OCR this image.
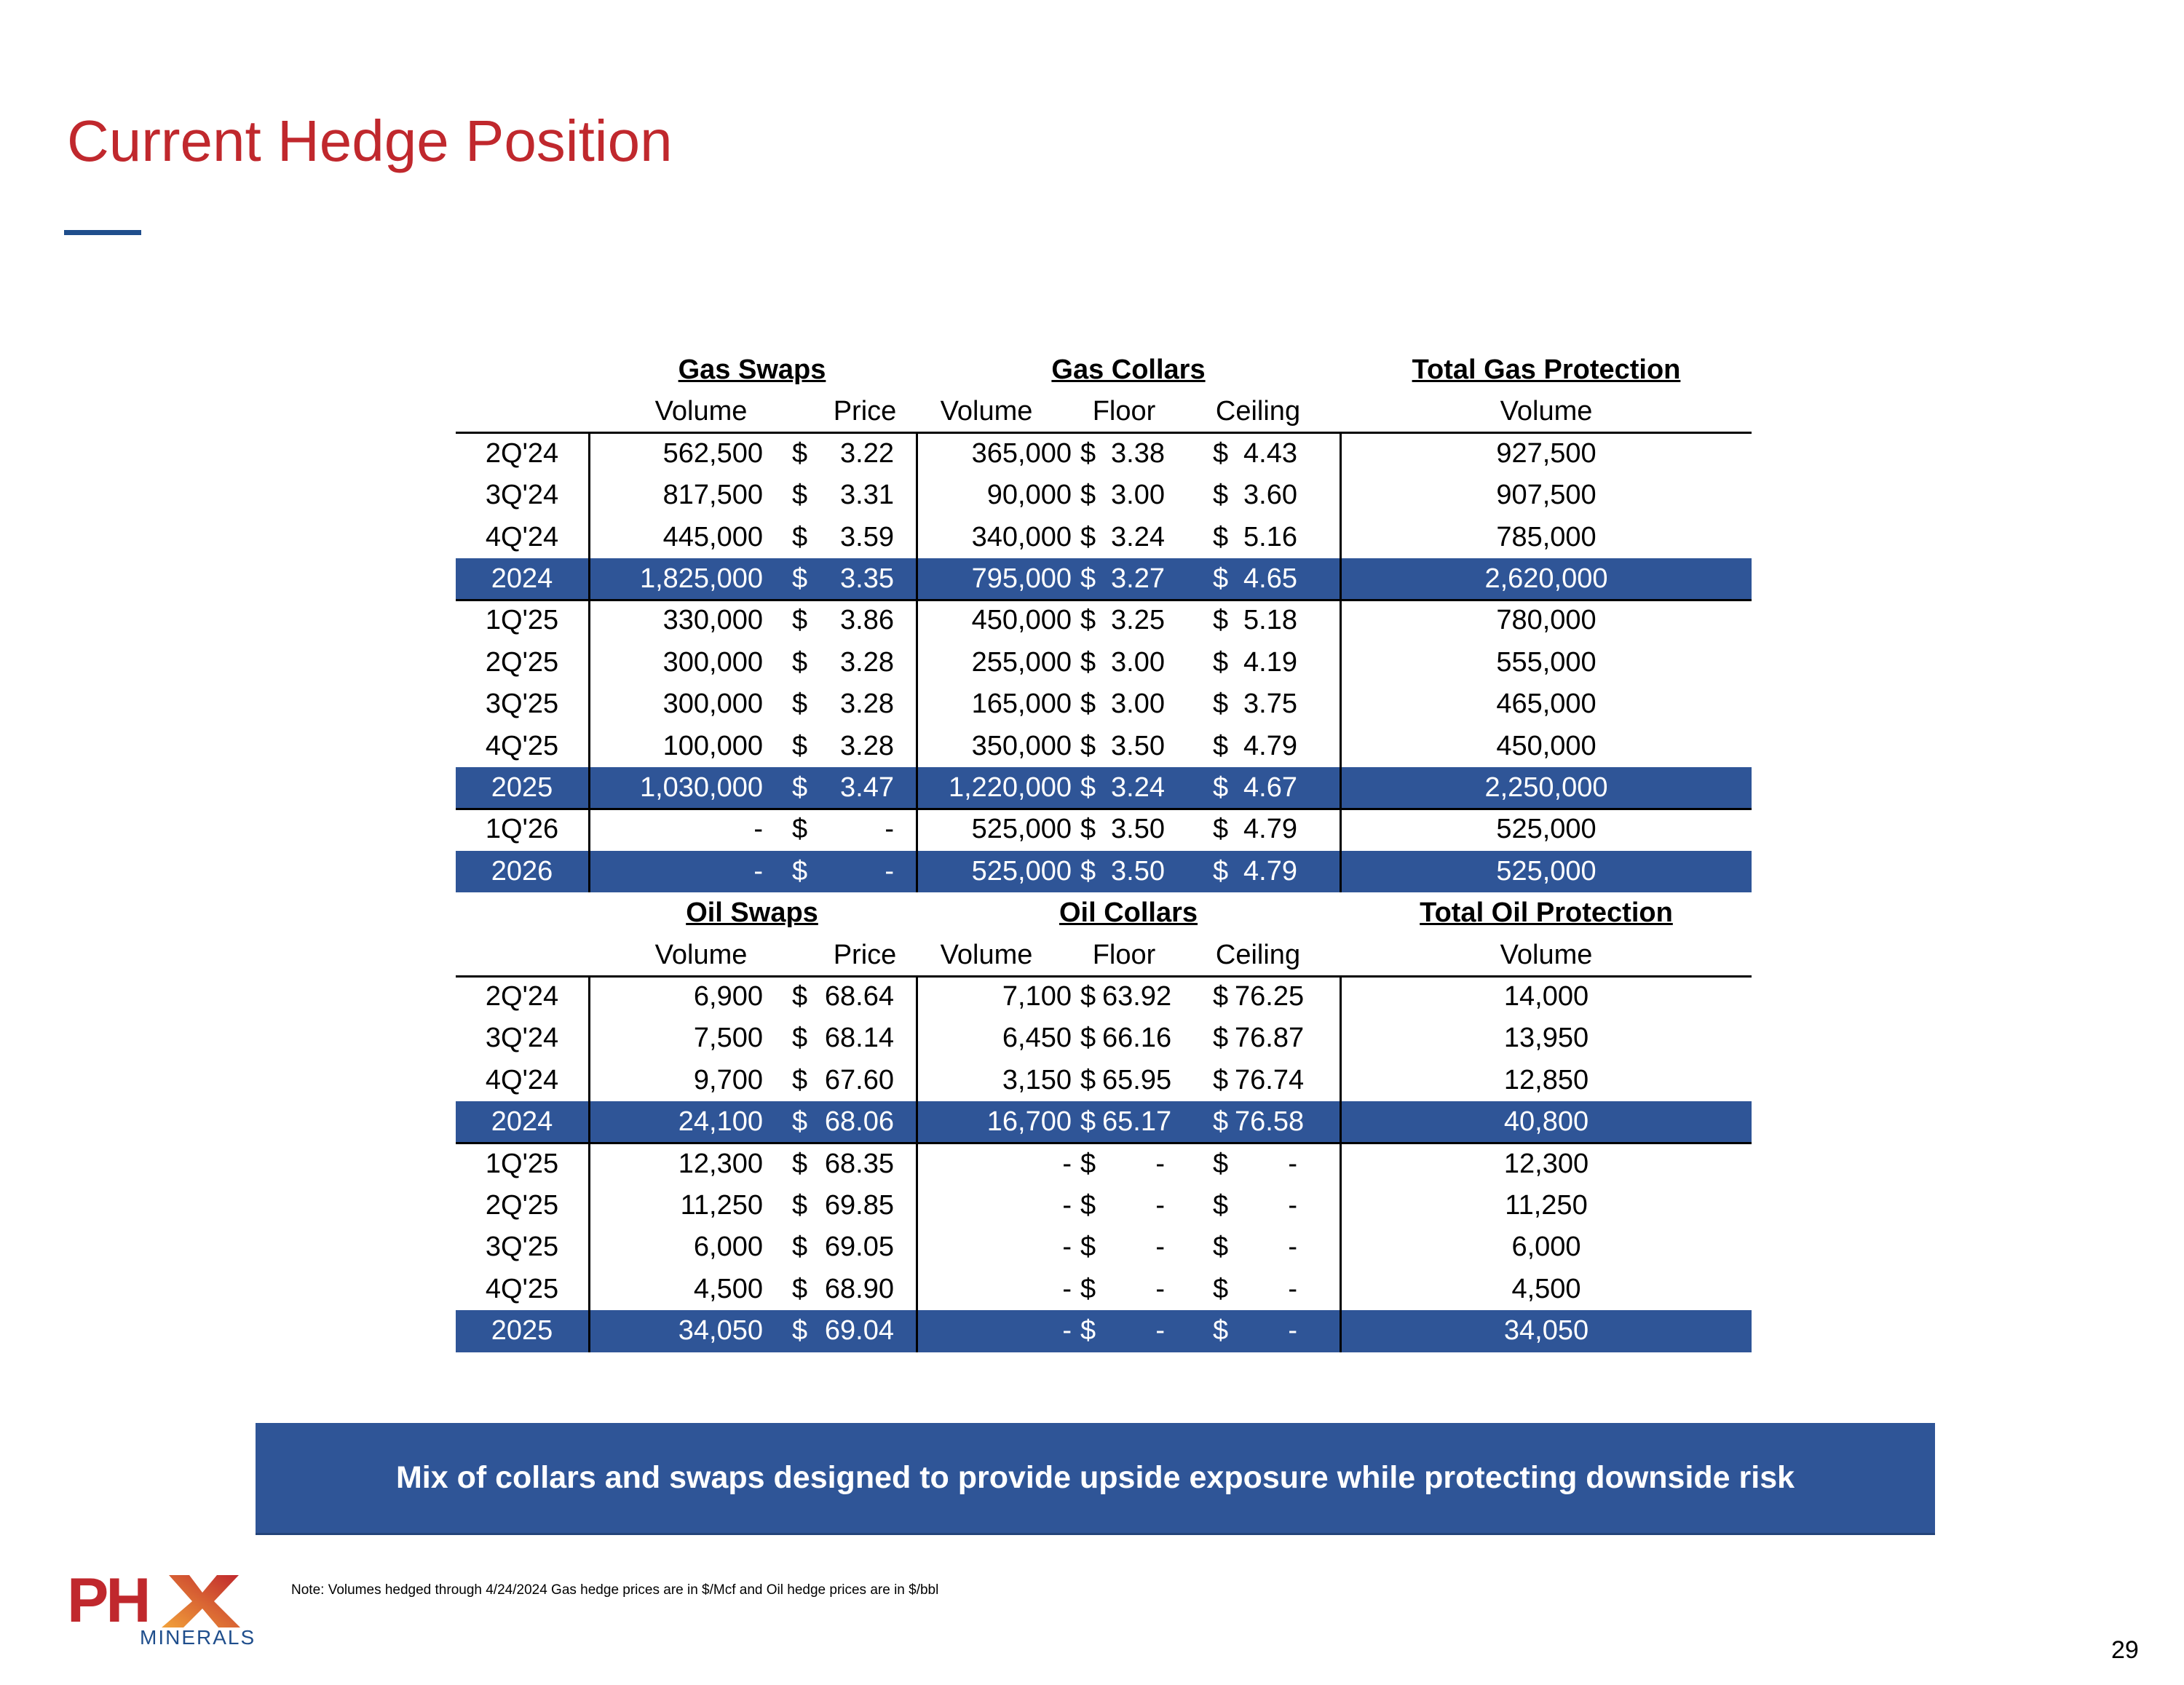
Current Hedge Position
Gas Swaps	Gas Collars	Total Gas Protection
Volume	Price	Volume	Floor	Ceiling	Volume
2Q'24	562,500 $	3.22	365,000 $ 3.38 $ 4.43	927,500
3Q'24	817,500 $	3.31	90,000 $ 3.00 $ 3.60	907,500
4Q'24	445,000 $	3.59	340,000 $ 3.24 $ 5.16	785,000
2024	1,825,000 $	3.35	795,000 $ 3.27 $ 4.65	2,620,000
1Q'25	330,000 $	3.86	450,000 $ 3.25 $ 5.18	780,000
2Q'25	300,000 $	3.28	255,000 $ 3.00 $ 4.19	555,000
3Q'25	300,000 $	3.28	165,000 $ 3.00 $ 3.75	465,000
4Q'25	100,000 $	3.28	350,000 $ 3.50 $ 4.79	450,000
2025	1,030,000 $	3.47	1,220,000 $ 3.24 $ 4.67	2,250,000
1Q'26	- $	-	525,000 $ 3.50 $ 4.79	525,000
2026	- $	-	525,000 $ 3.50 $ 4.79	525,000
Oil Swaps	Oil Collars	Total Oil Protection
Volume	Price	Volume	Floor	Ceiling	Volume
2Q'24	6,900 $ 68.64	7,100 $ 63.92 $ 76.25	14,000
3Q'24	7,500 $ 68.14	6,450 $ 66.16 $ 76.87	13,950
4Q'24	9,700 $ 67.60	3,150 $ 65.95 $ 76.74	12,850
2024	24,100 $ 68.06	16,700 $ 65.17 $ 76.58	40,800
1Q'25	12,300 $ 68.35	- $	- $	-	12,300
2Q'25	11,250 $ 69.85	- $	- $	-	11,250
3Q'25	6,000 $ 69.05	- $	- $	-	6,000
4Q'25	4,500 $ 68.90	- $	- $	-	4,500
2025	34,050 $ 69.04	- $	- $	-	34,050
Mix of collars and swaps designed to provide upside exposure while protecting downside risk
PH
MINERALS
Note: Volumes hedged through 4/24/2024 Gas hedge prices are in $/Mcf and Oil hedge prices are in $/bbl
29
